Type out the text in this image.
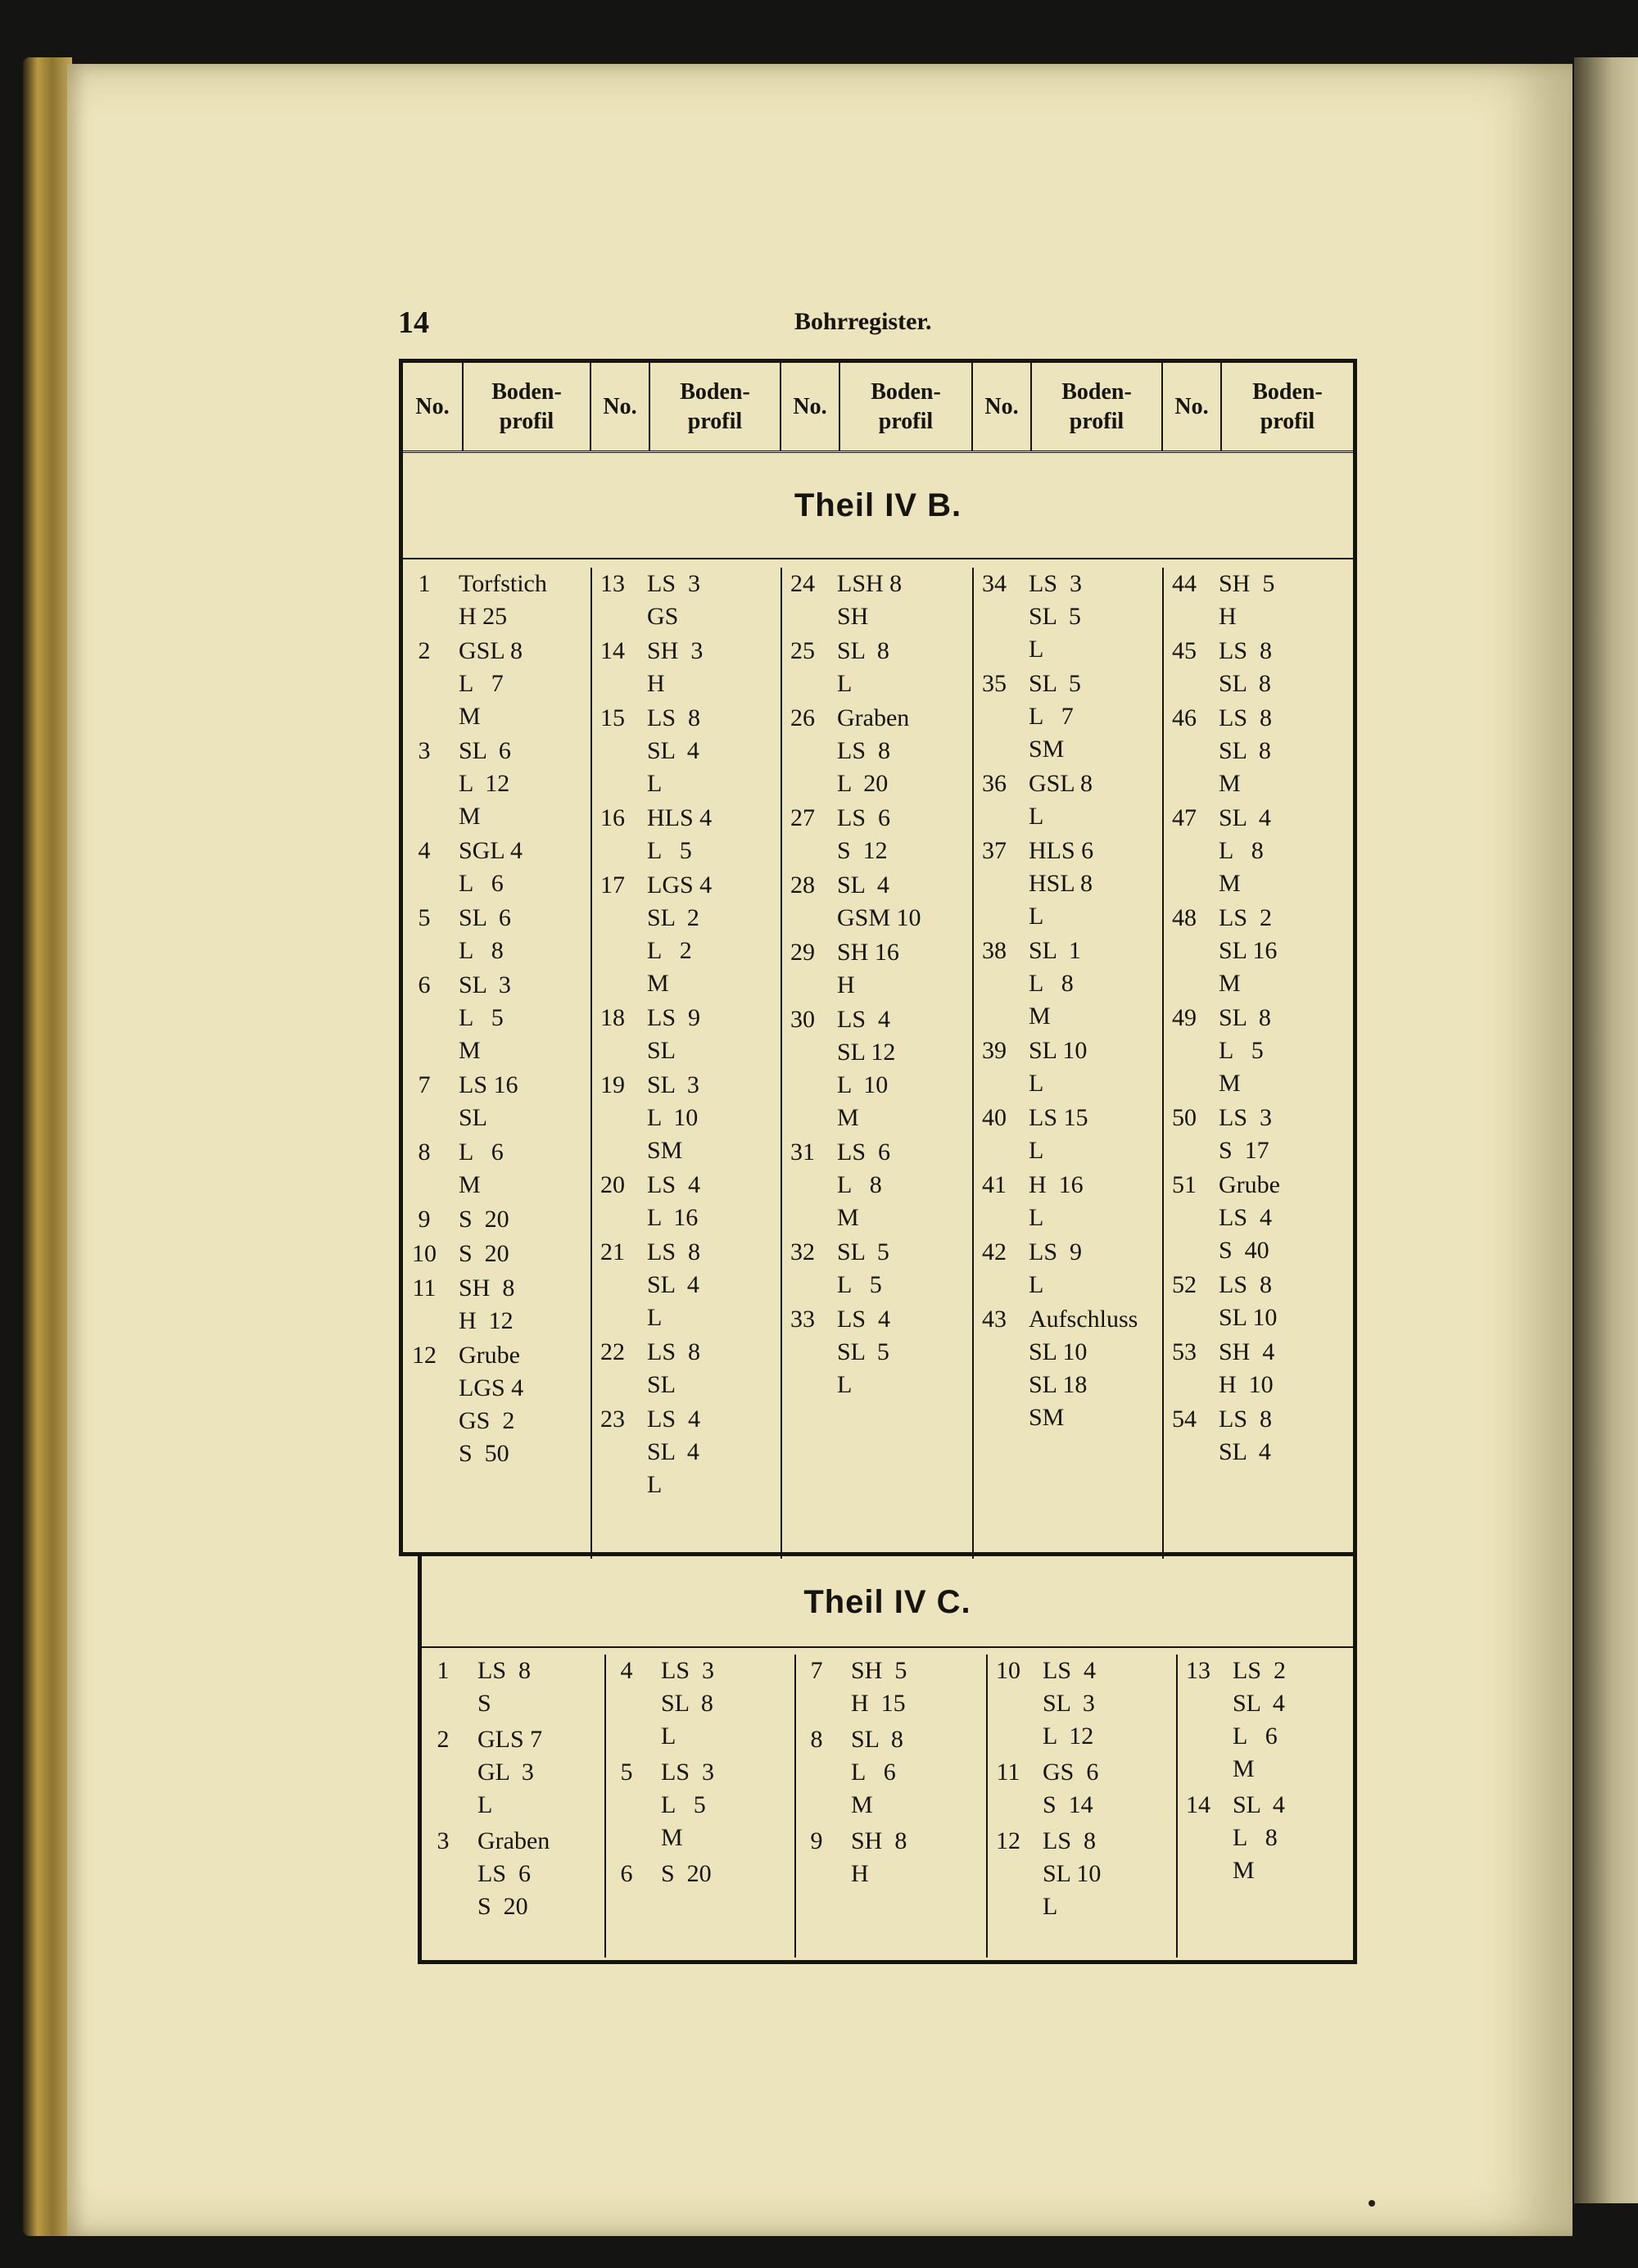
14	Bohrregister.
No.
Boden-
profil
No.
Boden-
profil
No.
Boden-
profil
No.
Boden-
profil
No.
Boden-
profil
Theil IV B.
1	Torfstich
H 25
2	GSL 8
L   7
M
3	SL  6
L  12
M
4	SGL 4
L   6
5	SL  6
L   8
6	SL  3
L   5
M
7	LS 16
SL
8	L   6
M
9	S  20
10 S  20
11 SH  8
H  12
12 Grube
LGS 4
GS  2
S  50
13 LS  3
GS
14 SH  3
H
15 LS  8
SL  4
L
16 HLS 4
L   5
17 LGS 4
SL  2
L   2
M
18 LS  9
SL
19 SL  3
L  10
SM
20 LS  4
L  16
21 LS  8
SL  4
L
22 LS  8
SL
23 LS  4
SL  4
L
24 LSH 8
SH
25 SL  8
L
26 Graben
LS  8
L  20
27 LS  6
S  12
28 SL  4
GSM 10
29 SH 16
H
30 LS  4
SL 12
L  10
M
31 LS  6
L   8
M
32 SL  5
L   5
33 LS  4
SL  5
L
34 LS  3
SL  5
L
35 SL  5
L   7
SM
36 GSL 8
L
37 HLS 6
HSL 8
L
38 SL  1
L   8
M
39 SL 10
L
40 LS 15
L
41 H  16
L
42 LS  9
L
43 Aufschluss
SL 10
SL 18
SM
44 SH  5
H
45 LS  8
SL  8
46 LS  8
SL  8
M
47 SL  4
L   8
M
48 LS  2
SL 16
M
49 SL  8
L   5
M
50 LS  3
S  17
51 Grube
LS  4
S  40
52 LS  8
SL 10
53 SH  4
H  10
54 LS  8
SL  4
Theil IV C.
1	LS  8
S
2	GLS 7
GL  3
L
3	Graben
LS  6
S  20
4	LS  3
SL  8
L
5	LS  3
L   5
M
6	S  20
7	SH  5
H  15
8	SL  8
L   6
M
9	SH  8
H
10 LS  4
SL  3
L  12
11 GS  6
S  14
12 LS  8
SL 10
L
13 LS  2
SL  4
L   6
M
14 SL  4
L   8
M
